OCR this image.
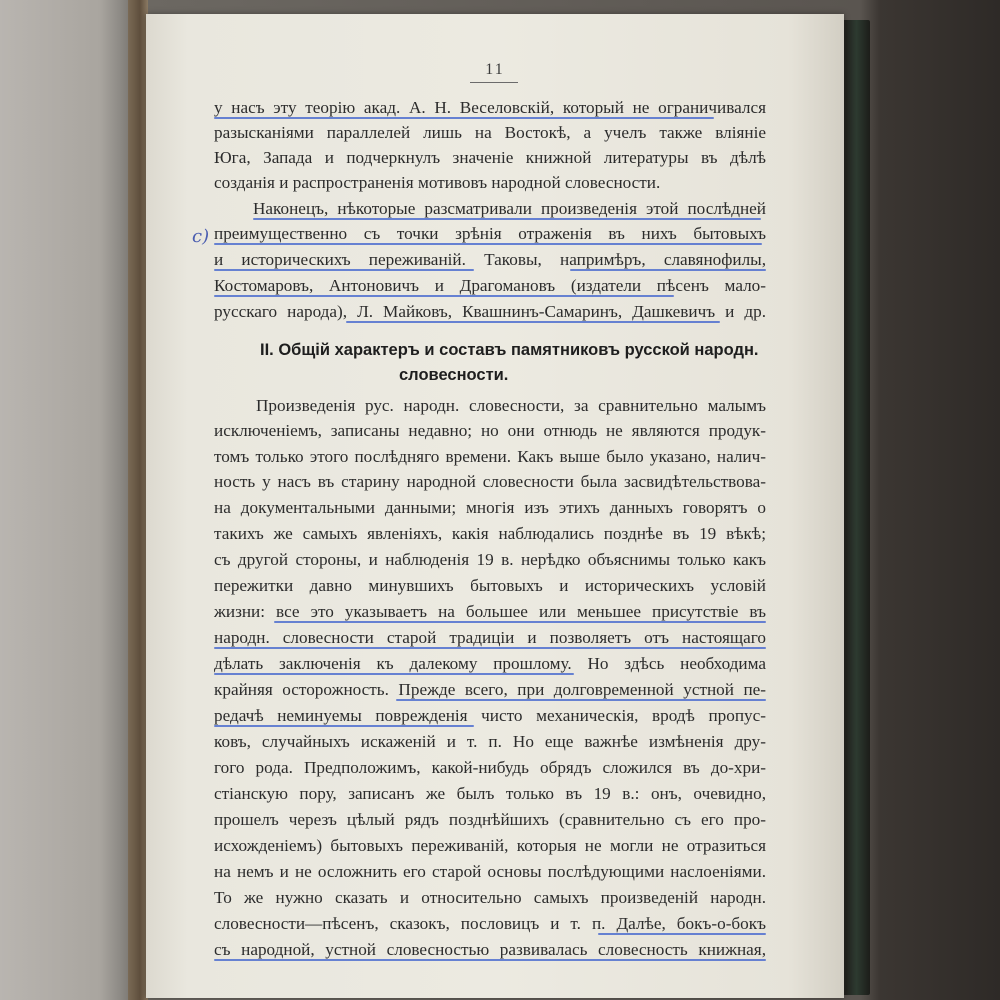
11
с)
у насъ эту теорію акад. А. Н. Веселовскій, который не ограничивался
разысканіями параллелей лишь на Востокѣ, а учелъ также вліяніе
Юга, Запада и подчеркнулъ значеніе книжной литературы въ дѣлѣ
созданія и распространенія мотивовъ народной словесности.
Наконецъ, нѣкоторые разсматривали произведенія этой послѣдней
преимущественно съ точки зрѣнія отраженія въ нихъ бытовыхъ
и историческихъ переживаній. Таковы, напримѣръ, славянофилы,
Костомаровъ, Антоновичъ и Драгомановъ (издатели пѣсенъ мало-
русскаго народа), Л. Майковъ, Квашнинъ-Самаринъ, Дашкевичъ и др.
II. Общій характеръ и составъ памятниковъ русской народн.
словесности.
Произведенія рус. народн. словесности, за сравнительно малымъ
исключеніемъ, записаны недавно; но они отнюдь не являются продук-
томъ только этого послѣдняго времени. Какъ выше было указано, налич-
ность у насъ въ старину народной словесности была засвидѣтельствова-
на документальными данными; многія изъ этихъ данныхъ говорятъ о
такихъ же самыхъ явленіяхъ, какія наблюдались позднѣе въ 19 вѣкѣ;
съ другой стороны, и наблюденія 19 в. нерѣдко объяснимы только какъ
пережитки давно минувшихъ бытовыхъ и историческихъ условій
жизни: все это указываетъ на большее или меньшее присутствіе въ
народн. словесности старой традиціи и позволяетъ отъ настоящаго
дѣлать заключенія къ далекому прошлому. Но здѣсь необходима
крайняя осторожность. Прежде всего, при долговременной устной пе-
редачѣ неминуемы поврежденія чисто механическія, вродѣ пропус-
ковъ, случайныхъ искаженій и т. п. Но еще важнѣе измѣненія дру-
гого рода. Предположимъ, какой-нибудь обрядъ сложился въ до-хри-
стіанскую пору, записанъ же былъ только въ 19 в.: онъ, очевидно,
прошелъ черезъ цѣлый рядъ позднѣйшихъ (сравнительно съ его про-
исхожденіемъ) бытовыхъ переживаній, которыя не могли не отразиться
на немъ и не осложнить его старой основы послѣдующими наслоеніями.
То же нужно сказать и относительно самыхъ произведеній народн.
словесности—пѣсенъ, сказокъ, пословицъ и т. п. Далѣе, бокъ-о-бокъ
съ народной, устной словесностью развивалась словесность книжная,
